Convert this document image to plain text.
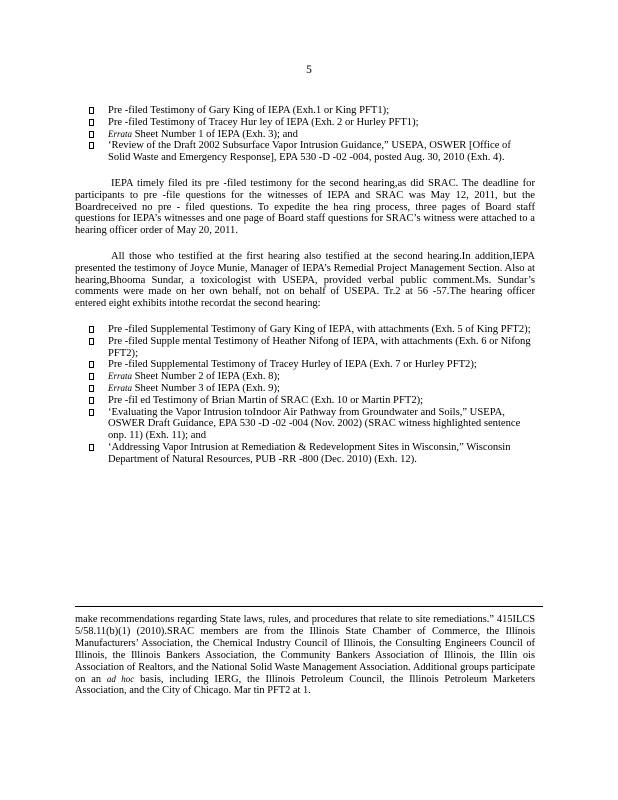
5
Pre -filed Testimony of Gary King of IEPA (Exh.1 or King PFT1);
Pre -filed Testimony of Tracey Hur ley of IEPA (Exh. 2 or Hurley PFT1);
Errata Sheet Number 1 of IEPA (Exh. 3); and
‘Review of the Draft 2002 Subsurface Vapor Intrusion Guidance,” USEPA, OSWER [Office of Solid Waste and Emergency Response], EPA 530 -D -02 -004, posted Aug. 30, 2010 (Exh. 4).

IEPA timely filed its pre -filed testimony for the second hearing,as did SRAC. The deadline for participants to pre -file questions for the witnesses of IEPA and SRAC was May 12, 2011, but the Boardreceived no pre - filed questions. To expedite the hea ring process, three pages of Board staff questions for IEPA’s witnesses and one page of Board staff questions for SRAC’s witness were attached to a hearing officer order of May 20, 2011.

All those who testified at the first hearing also testified at the second hearing.In addition,IEPA presented the testimony of Joyce Munie, Manager of IEPA’s Remedial Project Management Section. Also at hearing,Bhooma Sundar, a toxicologist with USEPA, provided verbal public comment.Ms. Sundar’s comments were made on her own behalf, not on behalf of USEPA. Tr.2 at 56 -57.The hearing officer entered eight exhibits intothe recordat the second hearing:

Pre -filed Supplemental Testimony of Gary King of IEPA, with attachments (Exh. 5 of King PFT2);
Pre -filed Supple mental Testimony of Heather Nifong of IEPA, with attachments (Exh. 6 or Nifong PFT2);
Pre -filed Supplemental Testimony of Tracey Hurley of IEPA (Exh. 7 or Hurley PFT2);
Errata Sheet Number 2 of IEPA (Exh. 8);
Errata Sheet Number 3 of IEPA (Exh. 9);
Pre -fil ed Testimony of Brian Martin of SRAC (Exh. 10 or Martin PFT2);
‘Evaluating the Vapor Intrusion toIndoor Air Pathway from Groundwater and Soils,” USEPA, OSWER Draft Guidance, EPA 530 -D -02 -004 (Nov. 2002) (SRAC witness highlighted sentence onp. 11) (Exh. 11); and
‘Addressing Vapor Intrusion at Remediation & Redevelopment Sites in Wisconsin,” Wisconsin Department of Natural Resources, PUB -RR -800 (Dec. 2010) (Exh. 12).
make recommendations regarding State laws, rules, and procedures that relate to site remediations.” 415ILCS 5/58.11(b)(1) (2010).SRAC members are from the Illinois State Chamber of Commerce, the Illinois Manufacturers’ Association, the Chemical Industry Council of Illinois, the Consulting Engineers Council of Illinois, the Illinois Bankers Association, the Community Bankers Association of Illinois, the Illin ois Association of Realtors, and the National Solid Waste Management Association. Additional groups participate on an ad hoc basis, including IERG, the Illinois Petroleum Council, the Illinois Petroleum Marketers Association, and the City of Chicago. Mar tin PFT2 at 1.
